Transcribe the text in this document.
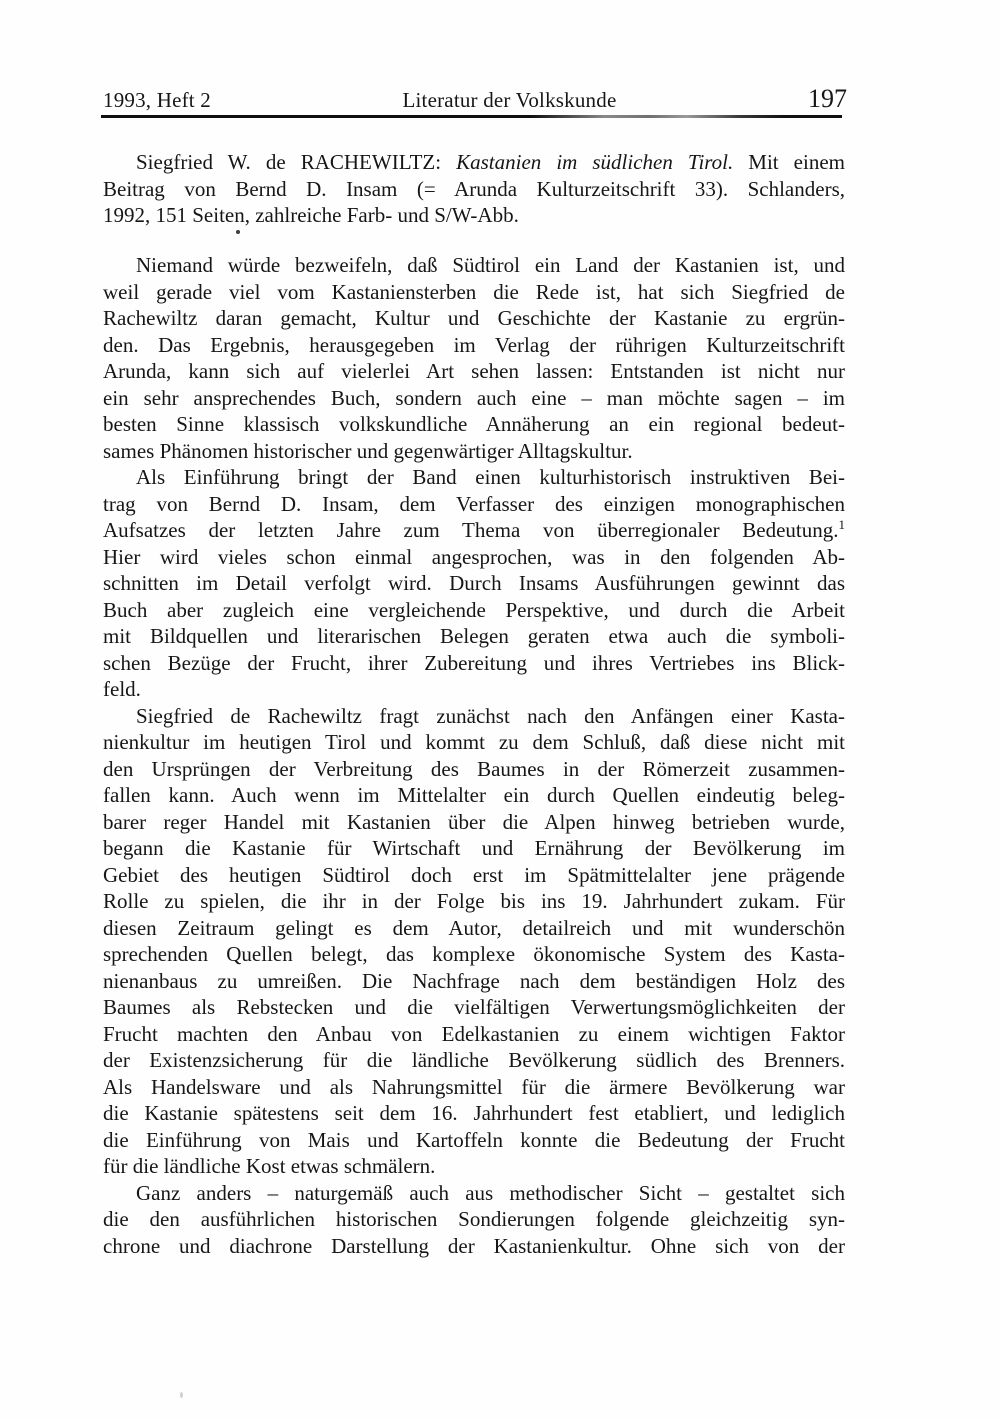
1993, Heft 2	Literatur der Volkskunde	197
Siegfried W. de RACHEWILTZ: Kastanien im südlichen Tirol. Mit einem
Beitrag von Bernd D. Insam (= Arunda Kulturzeitschrift 33). Schlanders,
1992, 151 Seiten, zahlreiche Farb- und S/W-Abb.
Niemand würde bezweifeln, daß Südtirol ein Land der Kastanien ist, und
weil gerade viel vom Kastaniensterben die Rede ist, hat sich Siegfried de
Rachewiltz daran gemacht, Kultur und Geschichte der Kastanie zu ergrün-
den. Das Ergebnis, herausgegeben im Verlag der rührigen Kulturzeitschrift
Arunda, kann sich auf vielerlei Art sehen lassen: Entstanden ist nicht nur
ein sehr ansprechendes Buch, sondern auch eine – man möchte sagen – im
besten Sinne klassisch volkskundliche Annäherung an ein regional bedeut-
sames Phänomen historischer und gegenwärtiger Alltagskultur.
Als Einführung bringt der Band einen kulturhistorisch instruktiven Bei-
trag von Bernd D. Insam, dem Verfasser des einzigen monographischen
Aufsatzes der letzten Jahre zum Thema von überregionaler Bedeutung.$^1$
Hier wird vieles schon einmal angesprochen, was in den folgenden Ab-
schnitten im Detail verfolgt wird. Durch Insams Ausführungen gewinnt das
Buch aber zugleich eine vergleichende Perspektive, und durch die Arbeit
mit Bildquellen und literarischen Belegen geraten etwa auch die symboli-
schen Bezüge der Frucht, ihrer Zubereitung und ihres Vertriebes ins Blick-
feld.
Siegfried de Rachewiltz fragt zunächst nach den Anfängen einer Kasta-
nienkultur im heutigen Tirol und kommt zu dem Schluß, daß diese nicht mit
den Ursprüngen der Verbreitung des Baumes in der Römerzeit zusammen-
fallen kann. Auch wenn im Mittelalter ein durch Quellen eindeutig beleg-
barer reger Handel mit Kastanien über die Alpen hinweg betrieben wurde,
begann die Kastanie für Wirtschaft und Ernährung der Bevölkerung im
Gebiet des heutigen Südtirol doch erst im Spätmittelalter jene prägende
Rolle zu spielen, die ihr in der Folge bis ins 19. Jahrhundert zukam. Für
diesen Zeitraum gelingt es dem Autor, detailreich und mit wunderschön
sprechenden Quellen belegt, das komplexe ökonomische System des Kasta-
nienanbaus zu umreißen. Die Nachfrage nach dem beständigen Holz des
Baumes als Rebstecken und die vielfältigen Verwertungsmöglichkeiten der
Frucht machten den Anbau von Edelkastanien zu einem wichtigen Faktor
der Existenzsicherung für die ländliche Bevölkerung südlich des Brenners.
Als Handelsware und als Nahrungsmittel für die ärmere Bevölkerung war
die Kastanie spätestens seit dem 16. Jahrhundert fest etabliert, und lediglich
die Einführung von Mais und Kartoffeln konnte die Bedeutung der Frucht
für die ländliche Kost etwas schmälern.
Ganz anders – naturgemäß auch aus methodischer Sicht – gestaltet sich
die den ausführlichen historischen Sondierungen folgende gleichzeitig syn-
chrone und diachrone Darstellung der Kastanienkultur. Ohne sich von der
